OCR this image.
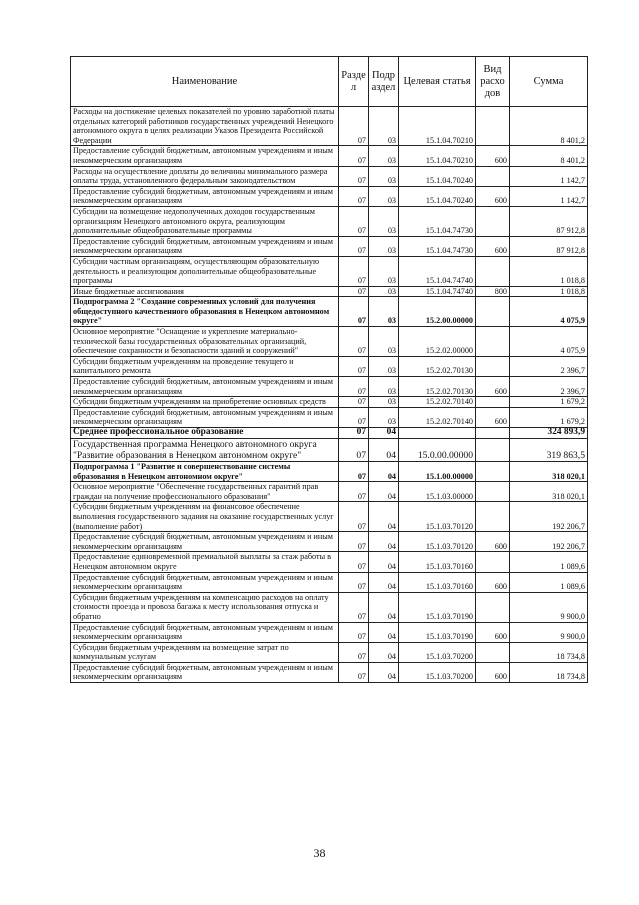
Наименование	Разде л	Подр аздел	Целевая статья	Вид расхо дов	Сумма
Расходы на достижение целевых показателей по уровню заработной платы отдельных категорий работников государственных учреждений Ненецкого автономного округа в целях реализации Указов Президента Российской Федерации	07	03	15.1.04.70210		8 401,2
Предоставление субсидий бюджетным, автономным учреждениям и иным некоммерческим организациям	07	03	15.1.04.70210	600	8 401,2
Расходы на осуществление доплаты до величины минимального размера оплаты труда, установленного федеральным законодательством	07	03	15.1.04.70240		1 142,7
Предоставление субсидий бюджетным, автономным учреждениям и иным некоммерческим организациям	07	03	15.1.04.70240	600	1 142,7
Субсидии на возмещение недополученных доходов государственным организациям Ненецкого автономного округа, реализующим дополнительные общеобразовательные программы	07	03	15.1.04.74730		87 912,8
Предоставление субсидий бюджетным, автономным учреждениям и иным некоммерческим организациям	07	03	15.1.04.74730	600	87 912,8
Субсидии частным организациям, осуществляющим образовательную деятельность и реализующим дополнительные общеобразовательные программы	07	03	15.1.04.74740		1 018,8
Иные бюджетные ассигнования	07	03	15.1.04.74740	800	1 018,8
Подпрограмма 2 "Создание современных условий для получения общедоступного качественного образования в Ненецком автономном округе"	07	03	15.2.00.00000		4 075,9
Основное мероприятие "Оснащение и укрепление материально-технической базы государственных образовательных организаций, обеспечение сохранности и безопасности зданий и сооружений"	07	03	15.2.02.00000		4 075,9
Субсидии бюджетным учреждениям на проведение текущего и капитального ремонта	07	03	15.2.02.70130		2 396,7
Предоставление субсидий бюджетным, автономным учреждениям и иным некоммерческим организациям	07	03	15.2.02.70130	600	2 396,7
Субсидии бюджетным учреждениям на приобретение основных средств	07	03	15.2.02.70140		1 679,2
Предоставление субсидий бюджетным, автономным учреждениям и иным некоммерческим организациям	07	03	15.2.02.70140	600	1 679,2
Среднее профессиональное образование	07	04			324 893,9
Государственная программа Ненецкого автономного округа "Развитие образования в Ненецком автономном округе"	07	04	15.0.00.00000		319 863,5
Подпрограмма 1 "Развитие и совершенствование системы образования в Ненецком автономном округе"	07	04	15.1.00.00000		318 020,1
Основное мероприятие "Обеспечение государственных гарантий прав граждан на получение профессионального образования"	07	04	15.1.03.00000		318 020,1
Субсидии бюджетным учреждениям на финансовое обеспечение выполнения государственного задания на оказание государственных услуг (выполнение работ)	07	04	15.1.03.70120		192 206,7
Предоставление субсидий бюджетным, автономным учреждениям и иным некоммерческим организациям	07	04	15.1.03.70120	600	192 206,7
Предоставление единовременной премиальной выплаты за стаж работы в Ненецком автономном округе	07	04	15.1.03.70160		1 089,6
Предоставление субсидий бюджетным, автономным учреждениям и иным некоммерческим организациям	07	04	15.1.03.70160	600	1 089,6
Субсидии бюджетным учреждениям на компенсацию расходов на оплату стоимости проезда и провоза багажа к месту использования отпуска и обратно	07	04	15.1.03.70190		9 900,0
Предоставление субсидий бюджетным, автономным учреждениям и иным некоммерческим организациям	07	04	15.1.03.70190	600	9 900,0
Субсидии бюджетным учреждениям на возмещение затрат по коммунальным услугам	07	04	15.1.03.70200		18 734,8
Предоставление субсидий бюджетным, автономным учреждениям и иным некоммерческим организациям	07	04	15.1.03.70200	600	18 734,8
38
